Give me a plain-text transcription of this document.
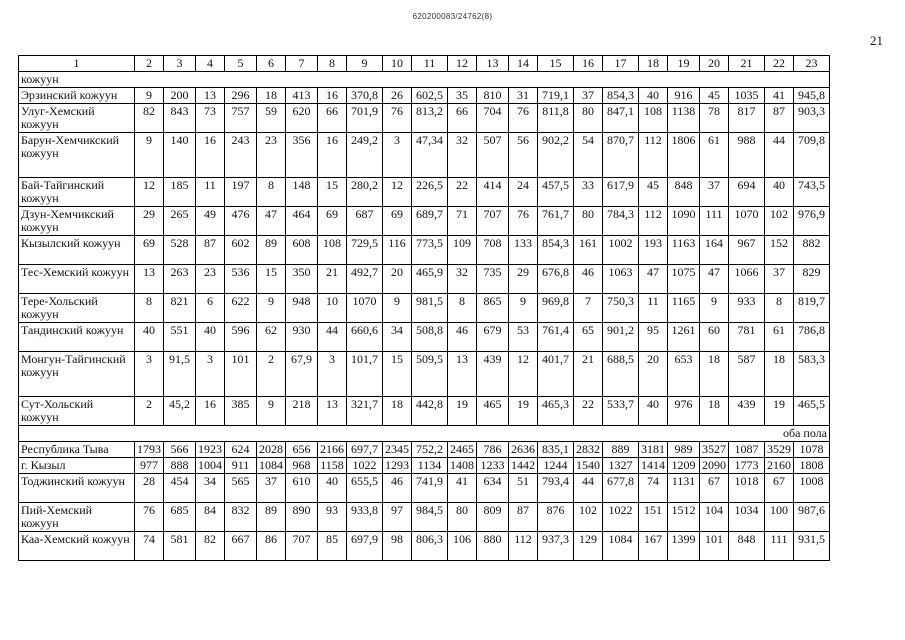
620200083/24762(8)
21
1	2	3	4	5	6	7	8	9	10	11	12	13	14	15	16	17	18	19	20	21	22	23
кожуун																						
Эрзинский кожуун	9	200	13	296	18	413	16	370,8	26	602,5	35	810	31	719,1	37	854,3	40	916	45	1035	41	945,8
Улуг-Хемский кожуун	82	843	73	757	59	620	66	701,9	76	813,2	66	704	76	811,8	80	847,1	108	1138	78	817	87	903,3
Барун-Хемчикский кожуун	9	140	16	243	23	356	16	249,2	3	47,34	32	507	56	902,2	54	870,7	112	1806	61	988	44	709,8
Бай-Тайгинский кожуун	12	185	11	197	8	148	15	280,2	12	226,5	22	414	24	457,5	33	617,9	45	848	37	694	40	743,5
Дзун-Хемчикский кожуун	29	265	49	476	47	464	69	687	69	689,7	71	707	76	761,7	80	784,3	112	1090	111	1070	102	976,9
Кызылский кожуун	69	528	87	602	89	608	108	729,5	116	773,5	109	708	133	854,3	161	1002	193	1163	164	967	152	882
Тес-Хемский кожуун	13	263	23	536	15	350	21	492,7	20	465,9	32	735	29	676,8	46	1063	47	1075	47	1066	37	829
Тере-Хольский кожуун	8	821	6	622	9	948	10	1070	9	981,5	8	865	9	969,8	7	750,3	11	1165	9	933	8	819,7
Тандинский кожуун	40	551	40	596	62	930	44	660,6	34	508,8	46	679	53	761,4	65	901,2	95	1261	60	781	61	786,8
Монгун-Тайгинский кожуун	3	91,5	3	101	2	67,9	3	101,7	15	509,5	13	439	12	401,7	21	688,5	20	653	18	587	18	583,3
Сут-Хольский кожуун	2	45,2	16	385	9	218	13	321,7	18	442,8	19	465	19	465,3	22	533,7	40	976	18	439	19	465,5
оба пола																						
Республика Тыва	1793	566	1923	624	2028	656	2166	697,7	2345	752,2	2465	786	2636	835,1	2832	889	3181	989	3527	1087	3529	1078
г. Кызыл	977	888	1004	911	1084	968	1158	1022	1293	1134	1408	1233	1442	1244	1540	1327	1414	1209	2090	1773	2160	1808
Тоджинский кожуун	28	454	34	565	37	610	40	655,5	46	741,9	41	634	51	793,4	44	677,8	74	1131	67	1018	67	1008
Пий-Хемский кожуун	76	685	84	832	89	890	93	933,8	97	984,5	80	809	87	876	102	1022	151	1512	104	1034	100	987,6
Каа-Хемский кожуун	74	581	82	667	86	707	85	697,9	98	806,3	106	880	112	937,3	129	1084	167	1399	101	848	111	931,5
